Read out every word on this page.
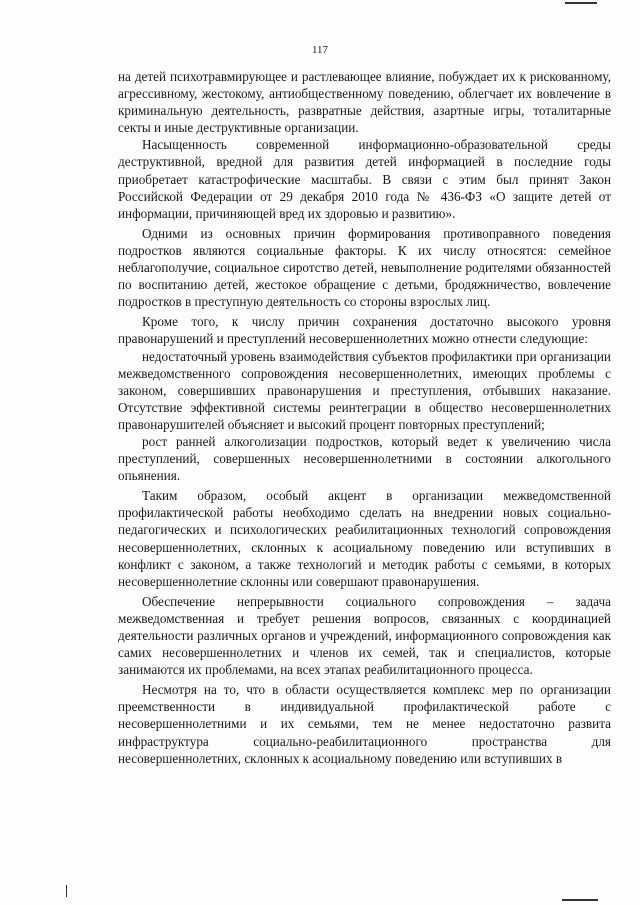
117

на детей психотравмирующее и растлевающее влияние, побуждает их к рискованному, агрессивному, жестокому, антиобщественному поведению, облегчает их вовлечение в криминальную деятельность, развратные действия, азартные игры, тоталитарные секты и иные деструктивные организации.

Насыщенность современной информационно-образовательной среды деструктивной, вредной для развития детей информацией в последние годы приобретает катастрофические масштабы. В связи с этим был принят Закон Российской Федерации от 29 декабря 2010 года № 436-ФЗ «О защите детей от информации, причиняющей вред их здоровью и развитию».

Одними из основных причин формирования противоправного поведения подростков являются социальные факторы. К их числу относятся: семейное неблагополучие, социальное сиротство детей, невыполнение родителями обязанностей по воспитанию детей, жестокое обращение с детьми, бродяжничество, вовлечение подростков в преступную деятельность со стороны взрослых лиц.

Кроме того, к числу причин сохранения достаточно высокого уровня правонарушений и преступлений несовершеннолетних можно отнести следующие:

недостаточный уровень взаимодействия субъектов профилактики при организации межведомственного сопровождения несовершеннолетних, имеющих проблемы с законом, совершивших правонарушения и преступления, отбывших наказание. Отсутствие эффективной системы реинтеграции в общество несовершеннолетних правонарушителей объясняет и высокий процент повторных преступлений;

рост ранней алкоголизации подростков, который ведет к увеличению числа преступлений, совершенных несовершеннолетними в состоянии алкогольного опьянения.

Таким образом, особый акцент в организации межведомственной профилактической работы необходимо сделать на внедрении новых социально-педагогических и психологических реабилитационных технологий сопровождения несовершеннолетних, склонных к асоциальному поведению или вступивших в конфликт с законом, а также технологий и методик работы с семьями, в которых несовершеннолетние склонны или совершают правонарушения.

Обеспечение непрерывности социального сопровождения – задача межведомственная и требует решения вопросов, связанных с координацией деятельности различных органов и учреждений, информационного сопровождения как самих несовершеннолетних и членов их семей, так и специалистов, которые занимаются их проблемами, на всех этапах реабилитационного процесса.

Несмотря на то, что в области осуществляется комплекс мер по организации преемственности в индивидуальной профилактической работе с несовершеннолетними и их семьями, тем не менее недостаточно развита инфраструктура социально-реабилитационного пространства для несовершеннолетних, склонных к асоциальному поведению или вступивших в
